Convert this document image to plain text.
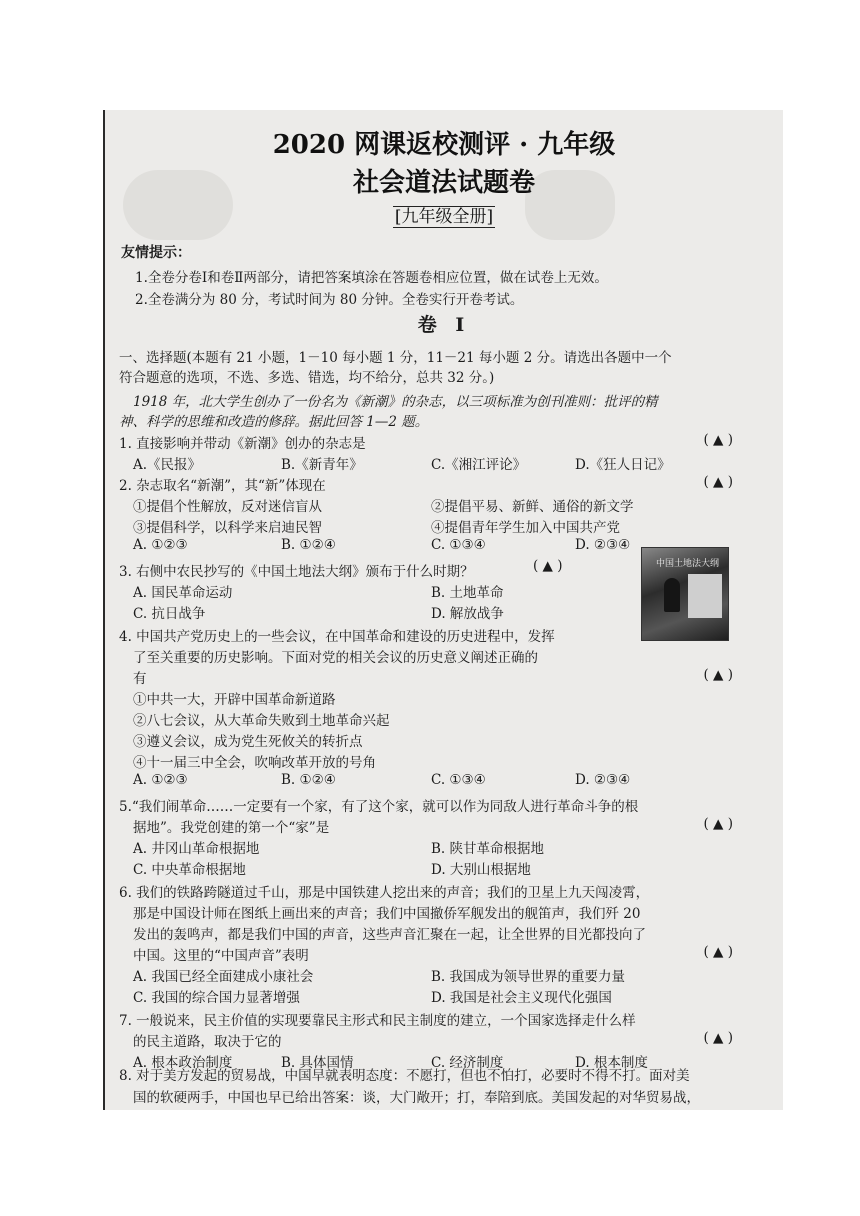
2020 网课返校测评 · 九年级
社会道法试题卷
[九年级全册]
友情提示：
1.全卷分卷Ⅰ和卷Ⅱ两部分，请把答案填涂在答题卷相应位置，做在试卷上无效。
2.全卷满分为 80 分，考试时间为 80 分钟。全卷实行开卷考试。
卷 Ⅰ
一、选择题(本题有 21 小题，1－10 每小题 1 分，11－21 每小题 2 分。请选出各题中一个
符合题意的选项，不选、多选、错选，均不给分，总共 32 分。)
1918 年，北大学生创办了一份名为《新潮》的杂志，以三项标准为创刊准则：批评的精
神、科学的思维和改造的修辞。据此回答 1—2 题。
1. 直接影响并带动《新潮》创办的杂志是	( ▲ )
A.《民报》	B.《新青年》	C.《湘江评论》	D.《狂人日记》
2. 杂志取名“新潮”，其“新”体现在	( ▲ )
①提倡个性解放，反对迷信盲从	②提倡平易、新鲜、通俗的新文学
③提倡科学，以科学来启迪民智	④提倡青年学生加入中国共产党
A. ①②③	B. ①②④	C. ①③④	D. ②③④
3. 右侧中农民抄写的《中国土地法大纲》颁布于什么时期？	( ▲ )
A. 国民革命运动	B. 土地革命
C. 抗日战争	D. 解放战争
中国土地法大纲
4. 中国共产党历史上的一些会议，在中国革命和建设的历史进程中，发挥
了至关重要的历史影响。下面对党的相关会议的历史意义阐述正确的
有	( ▲ )
①中共一大，开辟中国革命新道路
②八七会议，从大革命失败到土地革命兴起
③遵义会议，成为党生死攸关的转折点
④十一届三中全会，吹响改革开放的号角
A. ①②③	B. ①②④	C. ①③④	D. ②③④
5.“我们闹革命……一定要有一个家，有了这个家，就可以作为同敌人进行革命斗争的根
据地”。我党创建的第一个“家”是	( ▲ )
A. 井冈山革命根据地	B. 陕甘革命根据地
C. 中央革命根据地	D. 大别山根据地
6. 我们的铁路跨隧道过千山，那是中国铁建人挖出来的声音；我们的卫星上九天闯凌霄，
那是中国设计师在图纸上画出来的声音；我们中国撤侨军舰发出的舰笛声，我们歼 20
发出的轰鸣声，都是我们中国的声音，这些声音汇聚在一起，让全世界的目光都投向了
中国。这里的“中国声音”表明	( ▲ )
A. 我国已经全面建成小康社会	B. 我国成为领导世界的重要力量
C. 我国的综合国力显著增强	D. 我国是社会主义现代化强国
7. 一般说来，民主价值的实现要靠民主形式和民主制度的建立，一个国家选择走什么样
的民主道路，取决于它的	( ▲ )
A. 根本政治制度	B. 具体国情	C. 经济制度	D. 根本制度
8. 对于美方发起的贸易战，中国早就表明态度：不愿打，但也不怕打，必要时不得不打。面对美
国的软硬两手，中国也早已给出答案：谈，大门敞开；打，奉陪到底。美国发起的对华贸易战，
